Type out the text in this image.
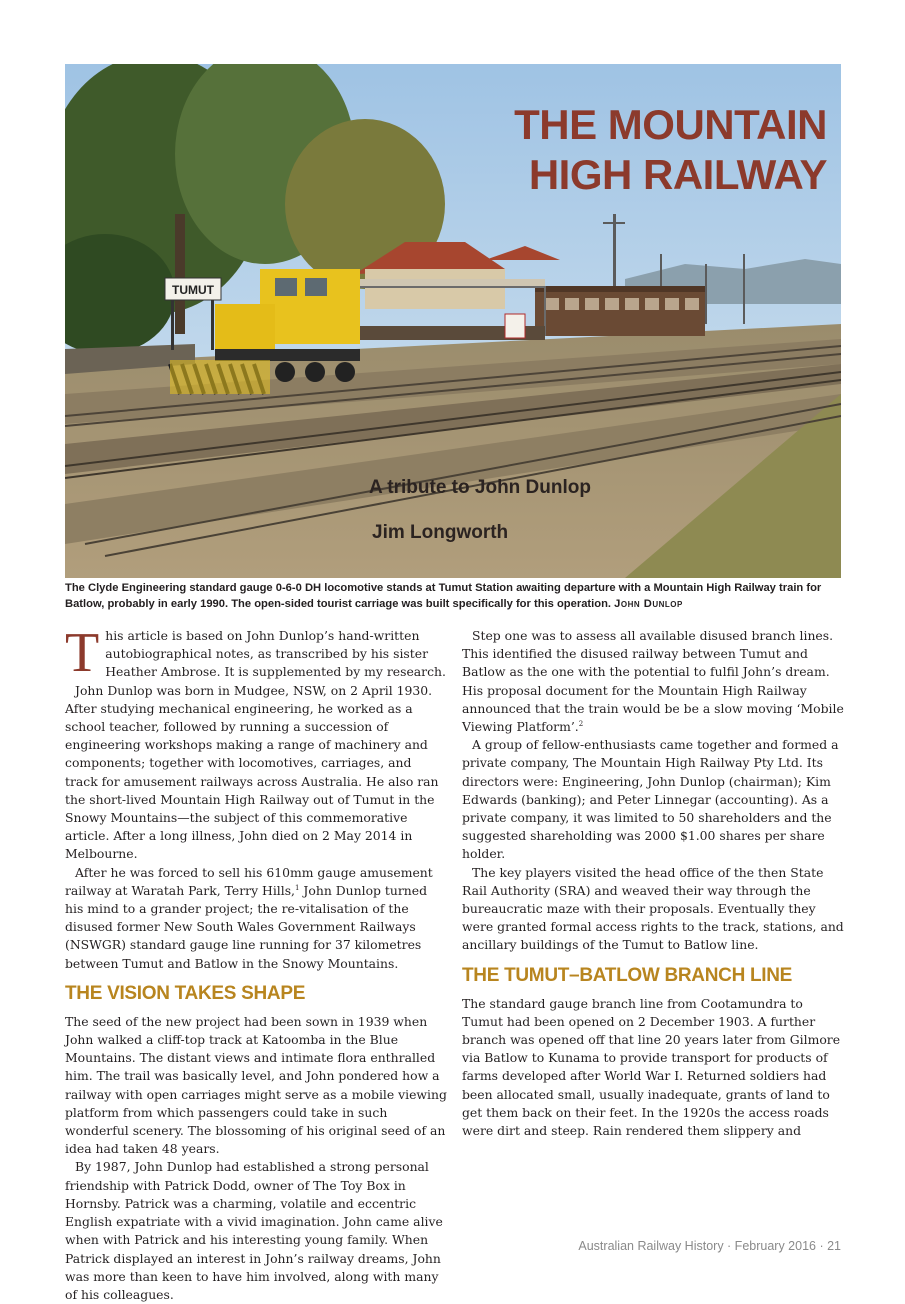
TUMUT
THE MOUNTAIN
HIGH RAILWAY

A tribute to John Dunlop

Jim Longworth

The Clyde Engineering standard gauge 0-6-0 DH locomotive stands at Tumut Station awaiting departure with a Mountain High Railway train for Batlow, probably in early 1990. The open-sided tourist carriage was built specifically for this operation. John Dunlop

This article is based on John Dunlop’s hand-written autobiographical notes, as transcribed by his sister Heather Ambrose. It is supplemented by my research.

John Dunlop was born in Mudgee, NSW, on 2 April 1930. After studying mechanical engineering, he worked as a school teacher, followed by running a succession of engineering workshops making a range of machinery and components; together with locomotives, carriages, and track for amusement railways across Australia. He also ran the short-lived Mountain High Railway out of Tumut in the Snowy Mountains—the subject of this commemorative article. After a long illness, John died on 2 May 2014 in Melbourne.

After he was forced to sell his 610mm gauge amusement railway at Waratah Park, Terry Hills,$^1$ John Dunlop turned his mind to a grander project; the re-vitalisation of the disused former New South Wales Government Railways (NSWGR) standard gauge line running for 37 kilometres between Tumut and Batlow in the Snowy Mountains.

THE VISION TAKES SHAPE

The seed of the new project had been sown in 1939 when John walked a cliff-top track at Katoomba in the Blue Mountains. The distant views and intimate flora enthralled him. The trail was basically level, and John pondered how a railway with open carriages might serve as a mobile viewing platform from which passengers could take in such wonderful scenery. The blossoming of his original seed of an idea had taken 48 years.

By 1987, John Dunlop had established a strong personal friendship with Patrick Dodd, owner of The Toy Box in Hornsby. Patrick was a charming, volatile and eccentric English expatriate with a vivid imagination. John came alive when with Patrick and his interesting young family. When Patrick displayed an interest in John’s railway dreams, John was more than keen to have him involved, along with many of his colleagues.

Step one was to assess all available disused branch lines. This identified the disused railway between Tumut and Batlow as the one with the potential to fulfil John’s dream. His proposal document for the Mountain High Railway announced that the train would be be a slow moving ‘Mobile Viewing Platform’.$^2$

A group of fellow-enthusiasts came together and formed a private company, The Mountain High Railway Pty Ltd. Its directors were: Engineering, John Dunlop (chairman); Kim Edwards (banking); and Peter Linnegar (accounting). As a private company, it was limited to 50 shareholders and the suggested shareholding was 2000 $1.00 shares per share holder.

The key players visited the head office of the then State Rail Authority (SRA) and weaved their way through the bureaucratic maze with their proposals. Eventually they were granted formal access rights to the track, stations, and ancillary buildings of the Tumut to Batlow line.

THE TUMUT–BATLOW BRANCH LINE

The standard gauge branch line from Cootamundra to Tumut had been opened on 2 December 1903. A further branch was opened off that line 20 years later from Gilmore via Batlow to Kunama to provide transport for products of farms developed after World War I. Returned soldiers had been allocated small, usually inadequate, grants of land to get them back on their feet. In the 1920s the access roads were dirt and steep. Rain rendered them slippery and

Australian Railway History · February 2016 · 21
